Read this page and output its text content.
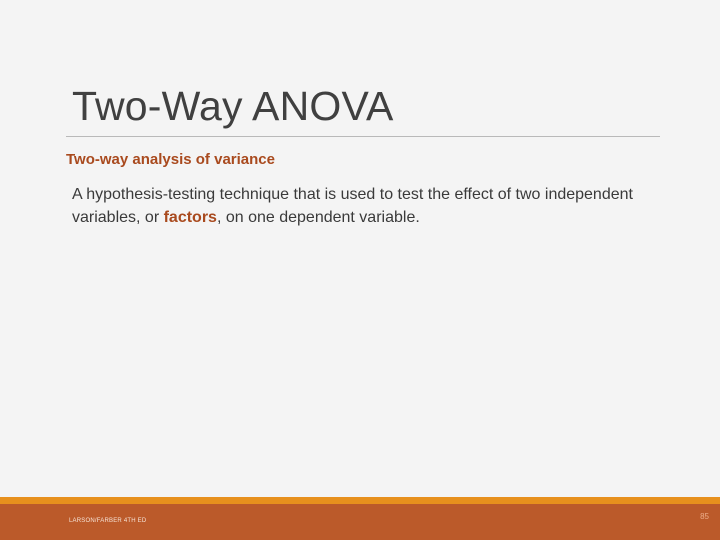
Two-Way ANOVA
Two-way analysis of variance

A hypothesis-testing technique that is used to test the effect of two independent variables, or factors, on one dependent variable.

LARSON/FARBER 4TH ED	85
